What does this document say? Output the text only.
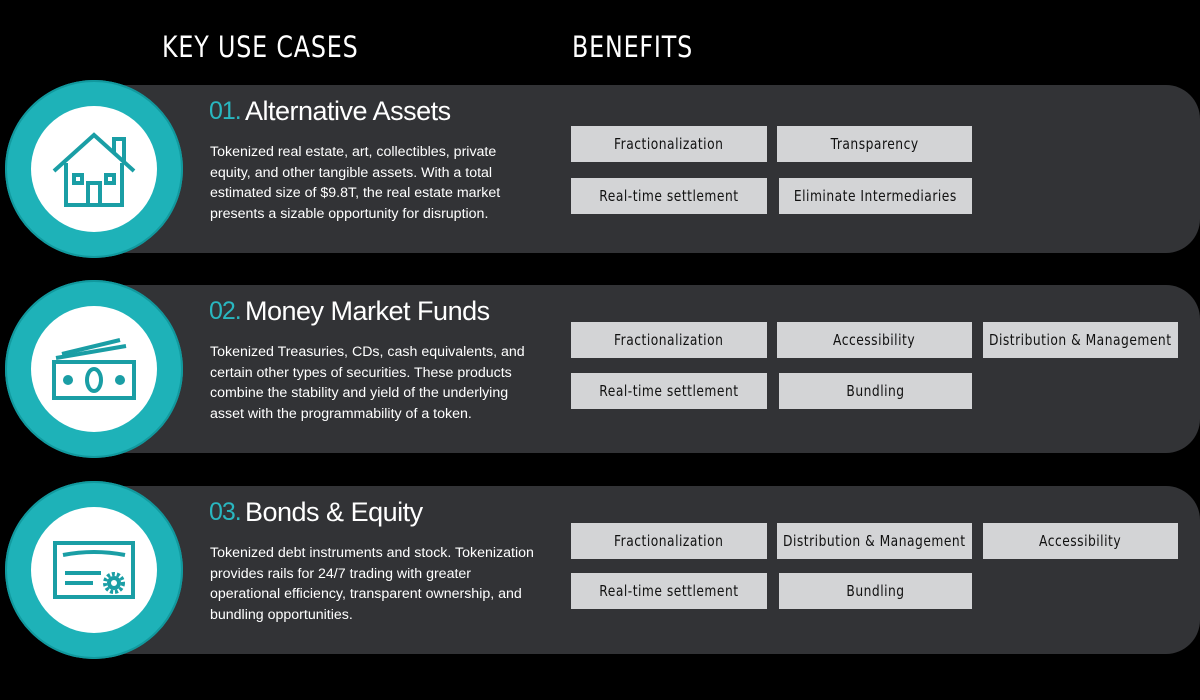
KEY USE CASES	BENEFITS
01. Alternative Assets
Tokenized real estate, art, collectibles, private equity, and other tangible assets. With a total estimated size of $9.8T, the real estate market presents a sizable opportunity for disruption.
Fractionalization	Transparency
Real-time settlement	Eliminate Intermediaries
02. Money Market Funds
Tokenized Treasuries, CDs, cash equivalents, and certain other types of securities. These products combine the stability and yield of the underlying asset with the programmability of a token.
Fractionalization	Accessibility	Distribution & Management
Real-time settlement	Bundling
03. Bonds & Equity
Tokenized debt instruments and stock. Tokenization provides rails for 24/7 trading with greater operational efficiency, transparent ownership, and bundling opportunities.
Fractionalization	Distribution & Management	Accessibility
Real-time settlement	Bundling
